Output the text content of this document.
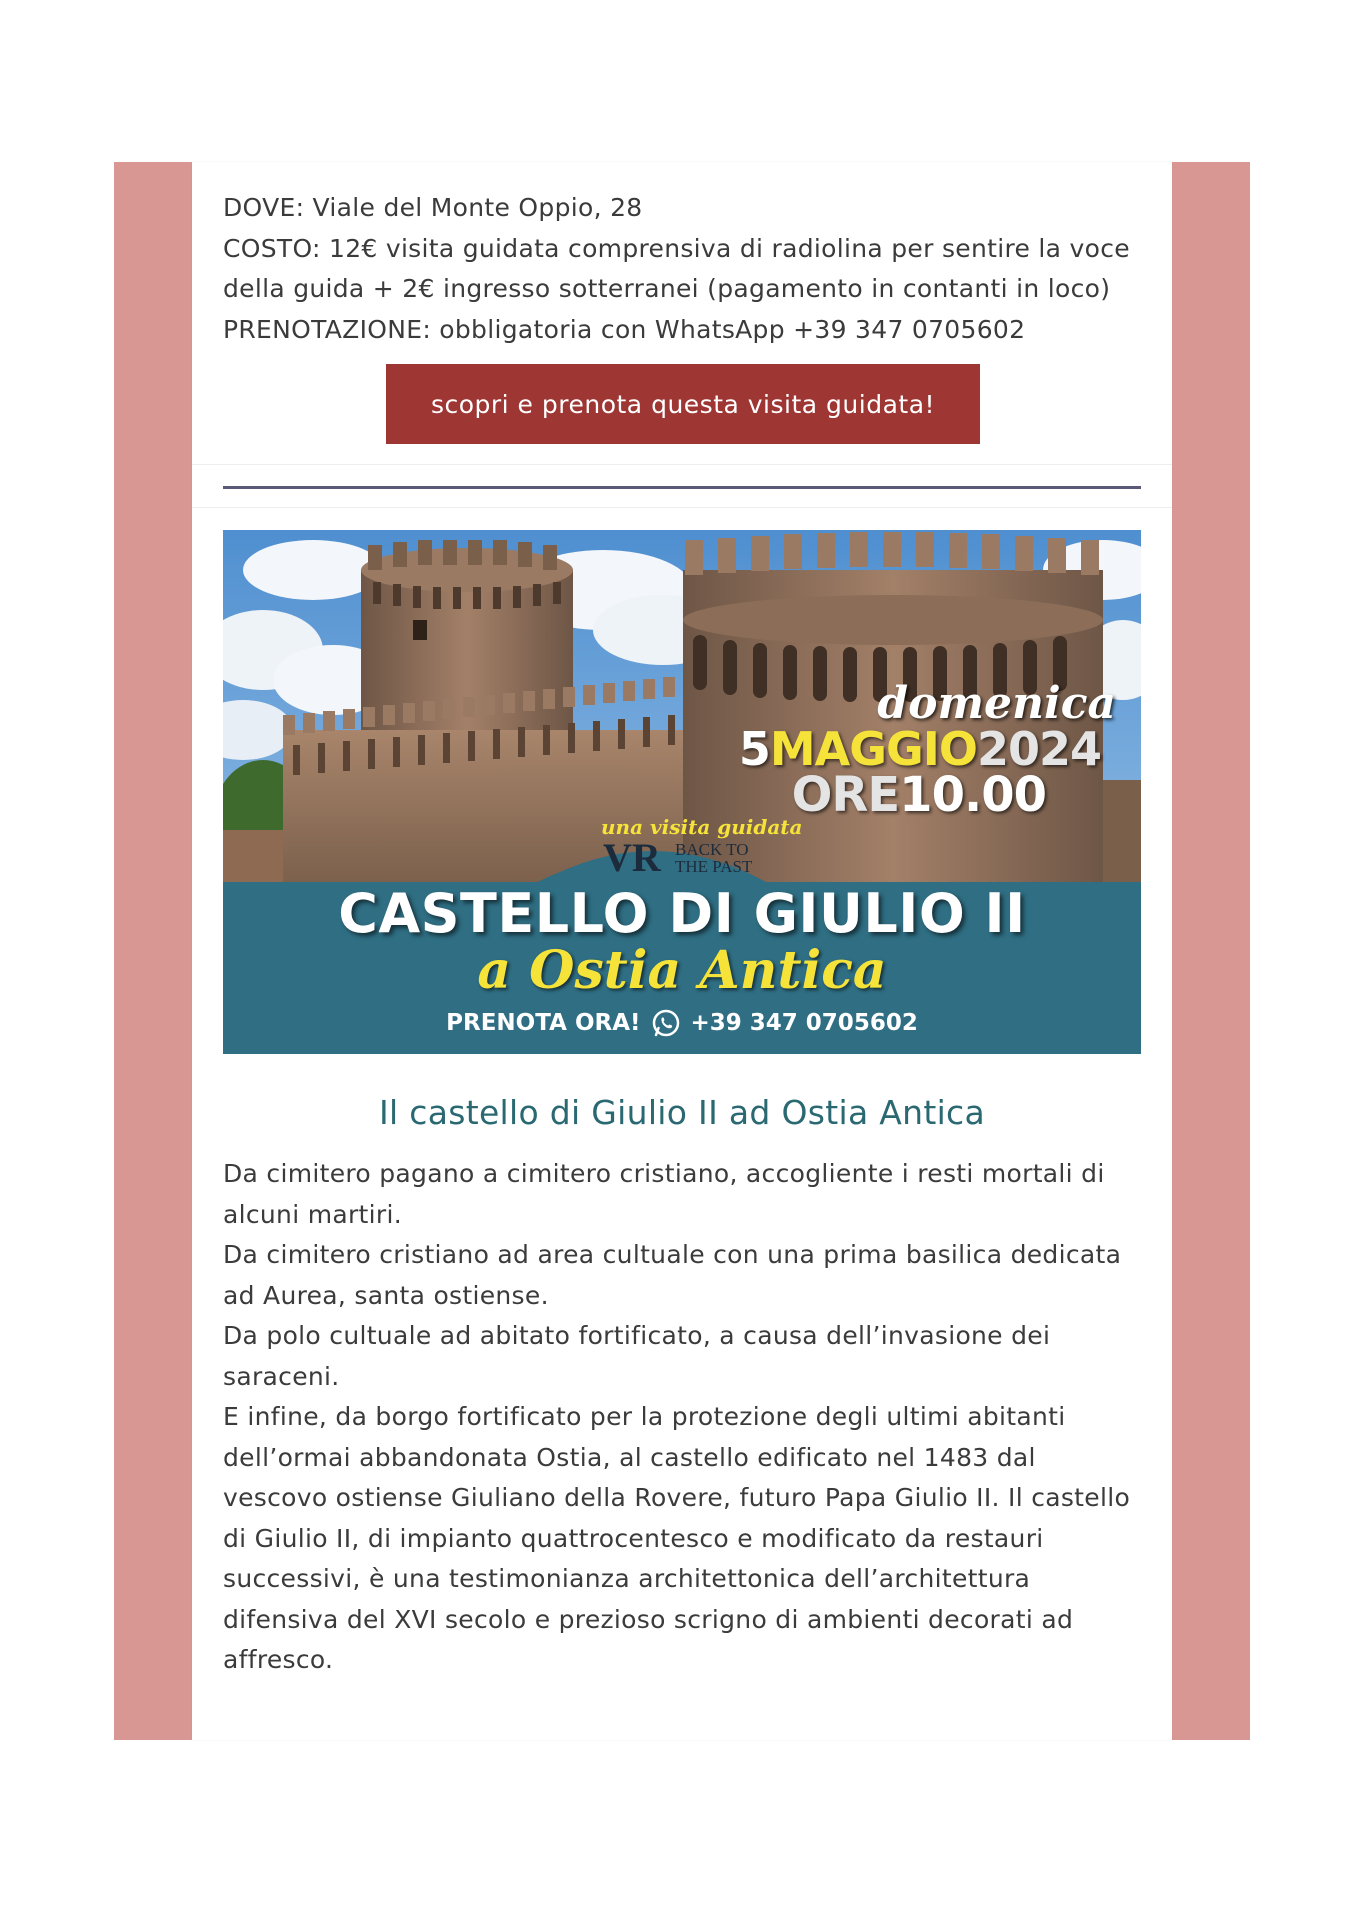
DOVE: Viale del Monte Oppio, 28

COSTO: 12€ visita guidata comprensiva di radiolina per sentire la voce

della guida + 2€ ingresso sotterranei (pagamento in contanti in loco)

PRENOTAZIONE: obbligatoria con WhatsApp +39 347 0705602

scopri e prenota questa visita guidata!
domenica
5MAGGIO2024
ORE10.00
una visita guidata
VR BACK TO
THE PAST
CASTELLO DI GIULIO II
a Ostia Antica
PRENOTA ORA! +39 347 0705602
Il castello di Giulio II ad Ostia Antica

Da cimitero pagano a cimitero cristiano, accogliente i resti mortali di

alcuni martiri.

Da cimitero cristiano ad area cultuale con una prima basilica dedicata

ad Aurea, santa ostiense.

Da polo cultuale ad abitato fortificato, a causa dell’invasione dei

saraceni.

E infine, da borgo fortificato per la protezione degli ultimi abitanti

dell’ormai abbandonata Ostia, al castello edificato nel 1483 dal

vescovo ostiense Giuliano della Rovere, futuro Papa Giulio II. Il castello

di Giulio II, di impianto quattrocentesco e modificato da restauri

successivi, è una testimonianza architettonica dell’architettura

difensiva del XVI secolo e prezioso scrigno di ambienti decorati ad

affresco.
